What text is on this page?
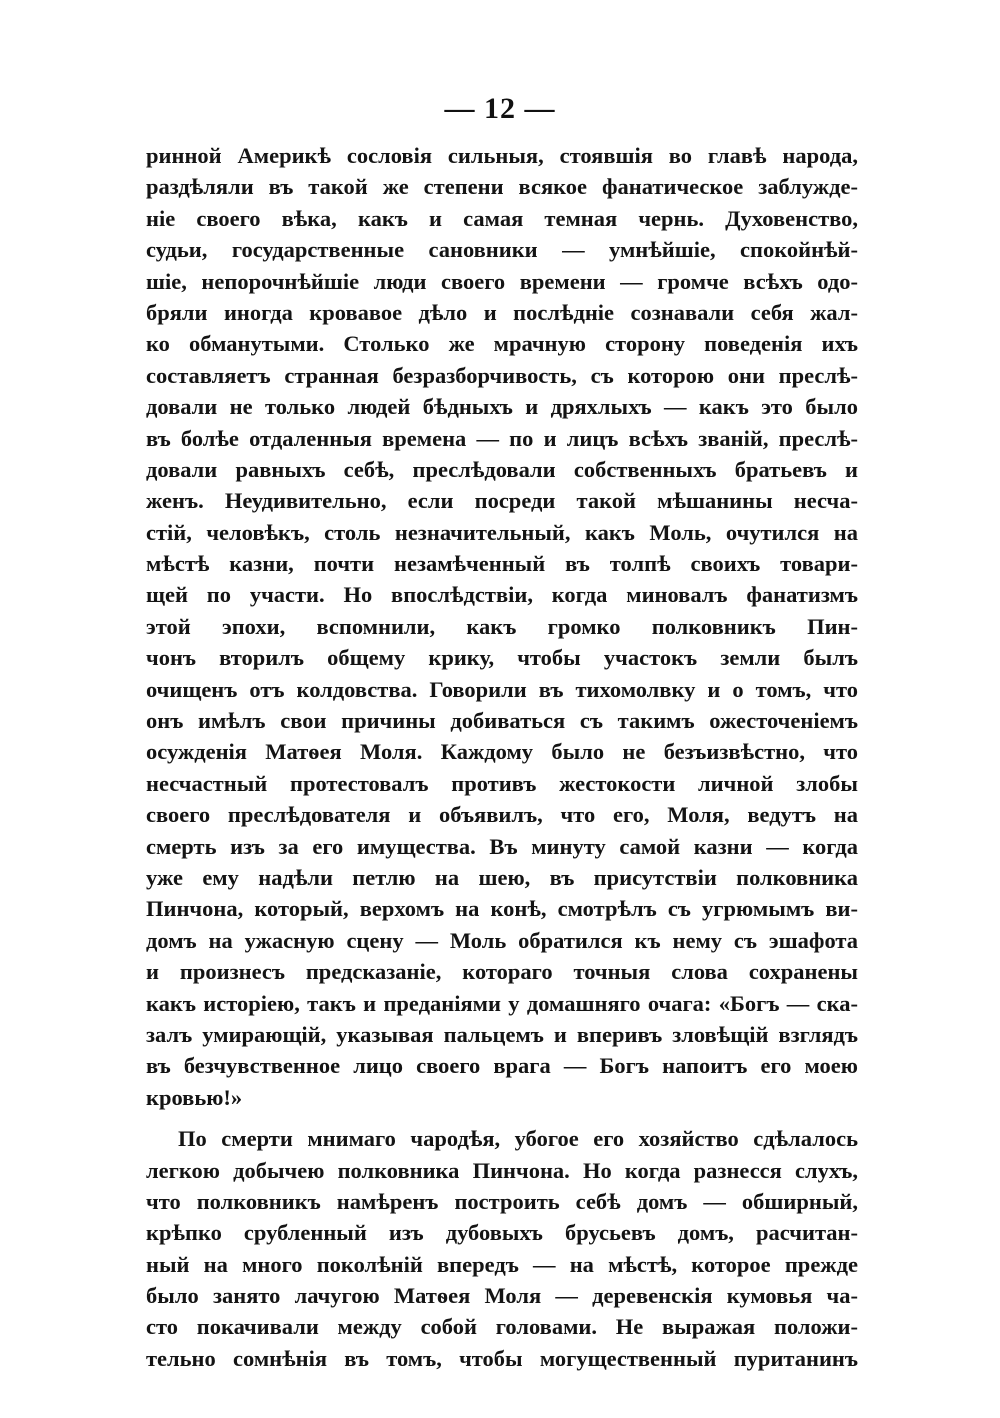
— 12 —
ринной Америкѣ сословія сильныя, стоявшія во главѣ народа,
раздѣляли въ такой же степени всякое фанатическое заблужде-
ніе своего вѣка, какъ и самая темная чернь. Духовенство,
судьи, государственные сановники — умнѣйшіе, спокойнѣй-
шіе, непорочнѣйшіе люди своего времени — громче всѣхъ одо-
бряли иногда кровавое дѣло и послѣдніе сознавали себя жал-
ко обманутыми. Столько же мрачную сторону поведенія ихъ
составляетъ странная безразборчивость, съ которою они преслѣ-
довали не только людей бѣдныхъ и дряхлыхъ — какъ это было
въ болѣе отдаленныя времена — по и лицъ всѣхъ званій, преслѣ-
довали равныхъ себѣ, преслѣдовали собственныхъ братьевъ и
женъ. Неудивительно, если посреди такой мѣшанины несча-
стій, человѣкъ, столь незначительный, какъ Моль, очутился на
мѣстѣ казни, почти незамѣченный въ толпѣ своихъ товари-
щей по участи. Но впослѣдствіи, когда миновалъ фанатизмъ
этой эпохи, вспомнили, какъ громко полковникъ Пин-
чонъ вторилъ общему крику, чтобы участокъ земли былъ
очищенъ отъ колдовства. Говорили въ тихомолвку и о томъ, что
онъ имѣлъ свои причины добиваться съ такимъ ожесточеніемъ
осужденія Матѳея Моля. Каждому было не безъизвѣстно, что
несчастный протестовалъ противъ жестокости личной злобы
своего преслѣдователя и объявилъ, что его, Моля, ведутъ на
смерть изъ за его имущества. Въ минуту самой казни — когда
уже ему надѣли петлю на шею, въ присутствіи полковника
Пинчона, который, верхомъ на конѣ, смотрѣлъ съ угрюмымъ ви-
домъ на ужасную сцену — Моль обратился къ нему съ эшафота
и произнесъ предсказаніе, котораго точныя слова сохранены
какъ исторіею, такъ и преданіями у домашняго очага: «Богъ — ска-
залъ умирающій, указывая пальцемъ и вперивъ зловѣщій взглядъ
въ безчувственное лицо своего врага — Богъ напоитъ его моею
кровью!»
По смерти мнимаго чародѣя, убогое его хозяйство сдѣлалось
легкою добычею полковника Пинчона. Но когда разнесся слухъ,
что полковникъ намѣренъ построить себѣ домъ — обширный,
крѣпко срубленный изъ дубовыхъ брусьевъ домъ, расчитан-
ный на много поколѣній впередъ — на мѣстѣ, которое прежде
было занято лачугою Матѳея Моля — деревенскія кумовья ча-
сто покачивали между собой головами. Не выражая положи-
тельно сомнѣнія въ томъ, чтобы могущественный пуританинъ
